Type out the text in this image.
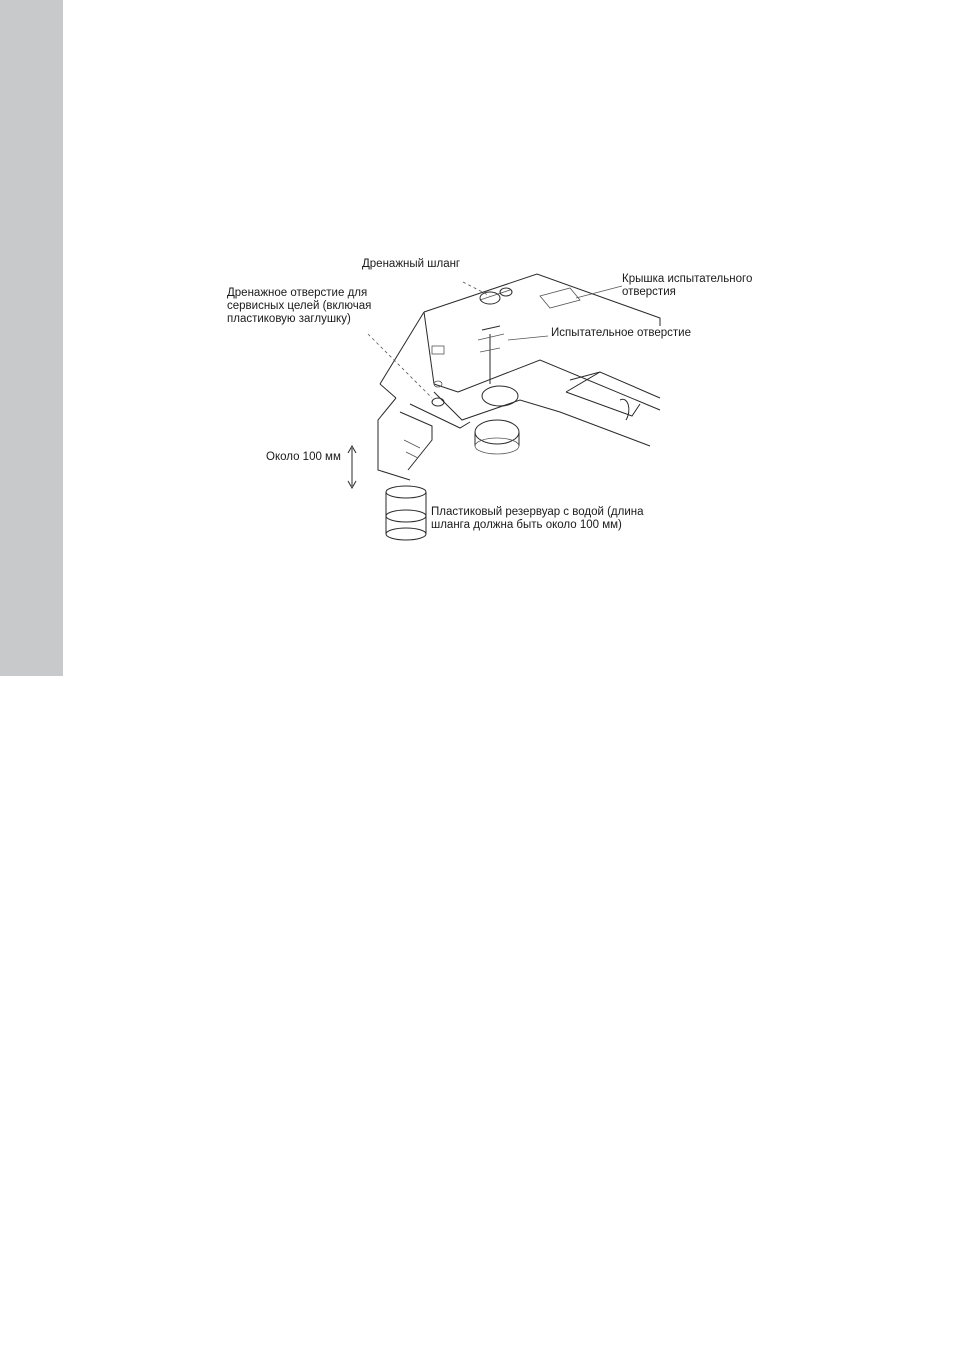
Дренажный шланг
Дренажное отверстие для
сервисных целей (включая
пластиковую заглушку)
Крышка испытательного
отверстия
Испытательное отверстие
Около 100 мм
Пластиковый резервуар с водой (длина
шланга должна быть около 100 мм)
